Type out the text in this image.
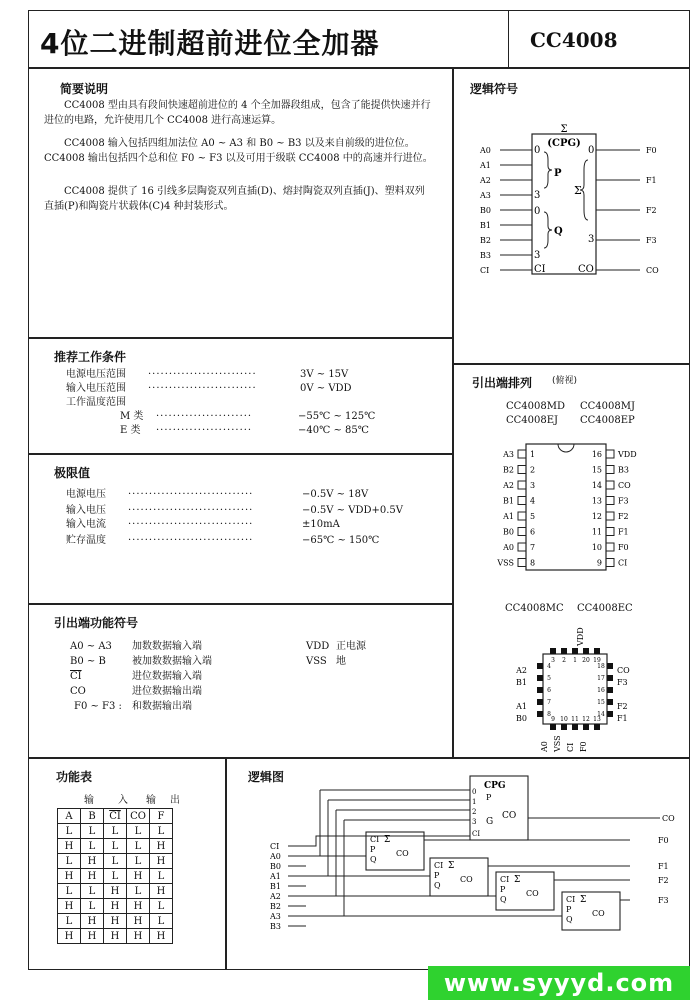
4位二进制超前进位全加器	CC4008
简要说明
CC4008 型由具有段间快速超前进位的 4 个全加器段组成，包含了能提供快速并行进位的电路，允许使用几个 CC4008 进行高速运算。
CC4008 输入包括四组加法位 A0 ~ A3 和 B0 ~ B3 以及来自前级的进位位。 CC4008 输出包括四个总和位 F0 ~ F3 以及可用于级联 CC4008 中的高速并行进位。
CC4008 提供了 16 引线多层陶瓷双列直插(D)、熔封陶瓷双列直插(J)、塑料双列直插(P)和陶瓷片状载体(C)4 种封装形式。
逻辑符号
Σ
(CPG)
P
Q
Σ
CI	CO
0
3
0
3
0
3
A0
A1
A2
A3
B0
B1
B2
B3
CI
F0
F1
F2
F3
CO
推荐工作条件
电源电压范围 ··························	3V ~ 15V
输入电压范围 ··························	0V ~ VDD
工作温度范围
M 类 ·······················	−55℃ ~ 125℃
E 类 ·······················	−40℃ ~ 85℃
极限值
电源电压 ······························	−0.5V ~ 18V
输入电压 ······························	−0.5V ~ VDD+0.5V
输入电流 ······························	±10mA
贮存温度 ······························	−65℃ ~ 150℃
引出端功能符号
A0 ~ A3 加数数据输入端
B0 ~ B	被加数数据输入端
$\overline{CI}$	进位数据输入端
CO	进位数据输出端
F0 ~ F3 : 和数据输出端
VDD 正电源
VSS 地
引出端排列 (俯视)
CC4008MD CC4008MJ
CC4008EJ CC4008EP
A3 1	16 VDD
B2 2	15 B3
A2 3	14 CO
B1 4	13 F3
A1 5	12 F2
B0 6	11 F1
A0 7	10 F0
VSS 8	9 CI
CC4008MC CC4008EC
VDD
3 2 1 20 19
4
5
6
7
8
A2
B1
A1
B0
18
17
16
15
14
CO
F3
F2
F1
9 10 11 12 13
A0 VSS CI F0
功能表
输 入 输 出
A	B	$\overline{CI}$	CO	F
L	L	L	L	L
H	L	L	L	H
L	H	L	L	H
H	H	L	H	L
L	L	H	L	H
H	L	H	H	L
L	H	H	H	L
H	H	H	H	H
逻辑图
CI
A0
B0
A1
B1
A2
B2
A3
B3
CPG
G
CO
0
1
2
3
CI
P
CO
CI Σ
P
Q
CO
F0
CI Σ
P
Q
CO
F1
CI Σ
P
Q
CO
F2
CI Σ
P
Q
CO
F3
www.syyyd.com
